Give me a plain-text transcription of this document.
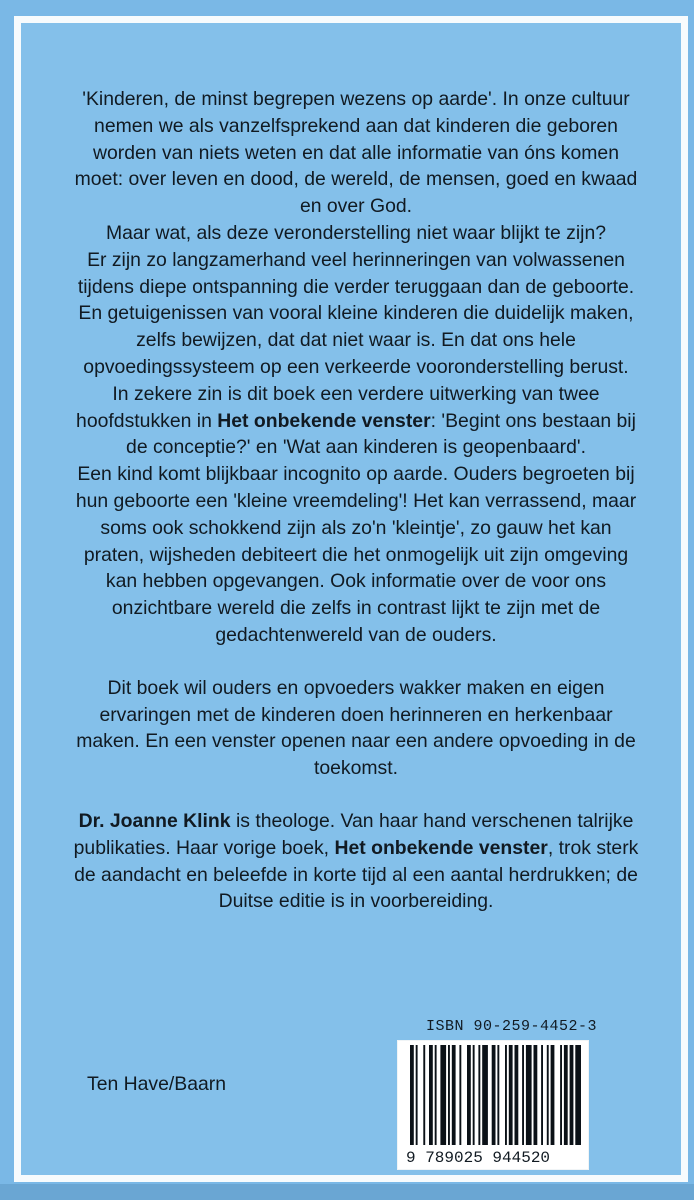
'Kinderen, de minst begrepen wezens op aarde'. In onze cultuur nemen we als vanzelfsprekend aan dat kinderen die geboren worden van niets weten en dat alle informatie van óns komen moet: over leven en dood, de wereld, de mensen, goed en kwaad en over God.

Maar wat, als deze veronderstelling niet waar blijkt te zijn?

Er zijn zo langzamerhand veel herinneringen van volwassenen tijdens diepe ontspanning die verder teruggaan dan de geboorte. En getuigenissen van vooral kleine kinderen die duidelijk maken, zelfs bewijzen, dat dat niet waar is. En dat ons hele opvoedingssysteem op een verkeerde vooronderstelling berust.

In zekere zin is dit boek een verdere uitwerking van twee hoofdstukken in Het onbekende venster: 'Begint ons bestaan bij de conceptie?' en 'Wat aan kinderen is geopenbaard'.

Een kind komt blijkbaar incognito op aarde. Ouders begroeten bij hun geboorte een 'kleine vreemdeling'! Het kan verrassend, maar soms ook schokkend zijn als zo'n 'kleintje', zo gauw het kan praten, wijsheden debiteert die het onmogelijk uit zijn omgeving kan hebben opgevangen. Ook informatie over de voor ons onzichtbare wereld die zelfs in contrast lijkt te zijn met de gedachtenwereld van de ouders.

Dit boek wil ouders en opvoeders wakker maken en eigen ervaringen met de kinderen doen herinneren en herkenbaar maken. En een venster openen naar een andere opvoeding in de toekomst.

Dr. Joanne Klink is theologe. Van haar hand verschenen talrijke publikaties. Haar vorige boek, Het onbekende venster, trok sterk de aandacht en beleefde in korte tijd al een aantal herdrukken; de Duitse editie is in voorbereiding.

ISBN 90-259-4452-3
9 789025 944520
Ten Have/Baarn
